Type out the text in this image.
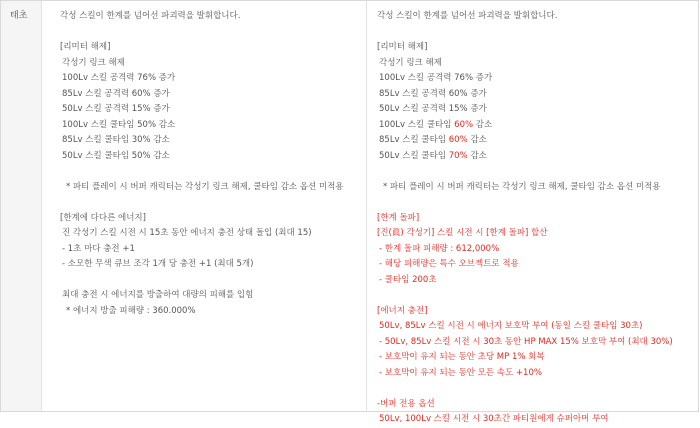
태초	각성 스킬이 한계를 넘어선 파괴력을 발휘합니다.
[리미터 해제]
각성기 링크 해제
100Lv 스킬 공격력 76% 증가
85Lv 스킬 공격력 60% 증가
50Lv 스킬 공격력 15% 증가
100Lv 스킬 쿨타임 50% 감소
85Lv 스킬 쿨타임 30% 감소
50Lv 스킬 쿨타임 50% 감소
* 파티 플레이 시 버퍼 캐릭터는 각성기 링크 해제, 쿨타임 감소 옵션 미적용
[한계에 다다른 에너지]
진 각성기 스킬 시전 시 15초 동안 에너지 충전 상태 돌입 (최대 15)
- 1초 마다 충전 +1
- 소모한 무색 큐브 조각 1개 당 충전 +1 (최대 5개)
최대 충전 시 에너지를 방출하여 대량의 피해를 입힘
* 에너지 방출 피해량 : 360.000%
각성 스킬이 한계를 넘어선 파괴력을 발휘합니다.
[리미터 해제]
각성기 링크 해제
100Lv 스킬 공격력 76% 증가
85Lv 스킬 공격력 60% 증가
50Lv 스킬 공격력 15% 증가
100Lv 스킬 쿨타임 60% 감소
85Lv 스킬 쿨타임 60% 감소
50Lv 스킬 쿨타임 70% 감소
* 파티 플레이 시 버퍼 캐릭터는 각성기 링크 해제, 쿨타임 감소 옵션 미적용
[한계 돌파]
[진(眞) 각성기] 스킬 시전 시 [한계 돌파] 합산
- 한계 돌파 피해량 : 612,000%
- 해당 피해량은 특수 오브젝트로 적용
- 쿨타임 200초
[에너지 충전]
50Lv, 85Lv 스킬 시전 시 에너지 보호막 부여 (동일 스킬 쿨타임 30초)
- 50Lv, 85Lv 스킬 시전 시 30초 동안 HP MAX 15% 보호막 부여 (최대 30%)
- 보호막이 유지 되는 동안 초당 MP 1% 회복
- 보호막이 유지 되는 동안 모든 속도 +10%
-버퍼 전용 옵션
50Lv, 100Lv 스킬 시전 시 30초간 파티원에게 슈퍼아머 부여
